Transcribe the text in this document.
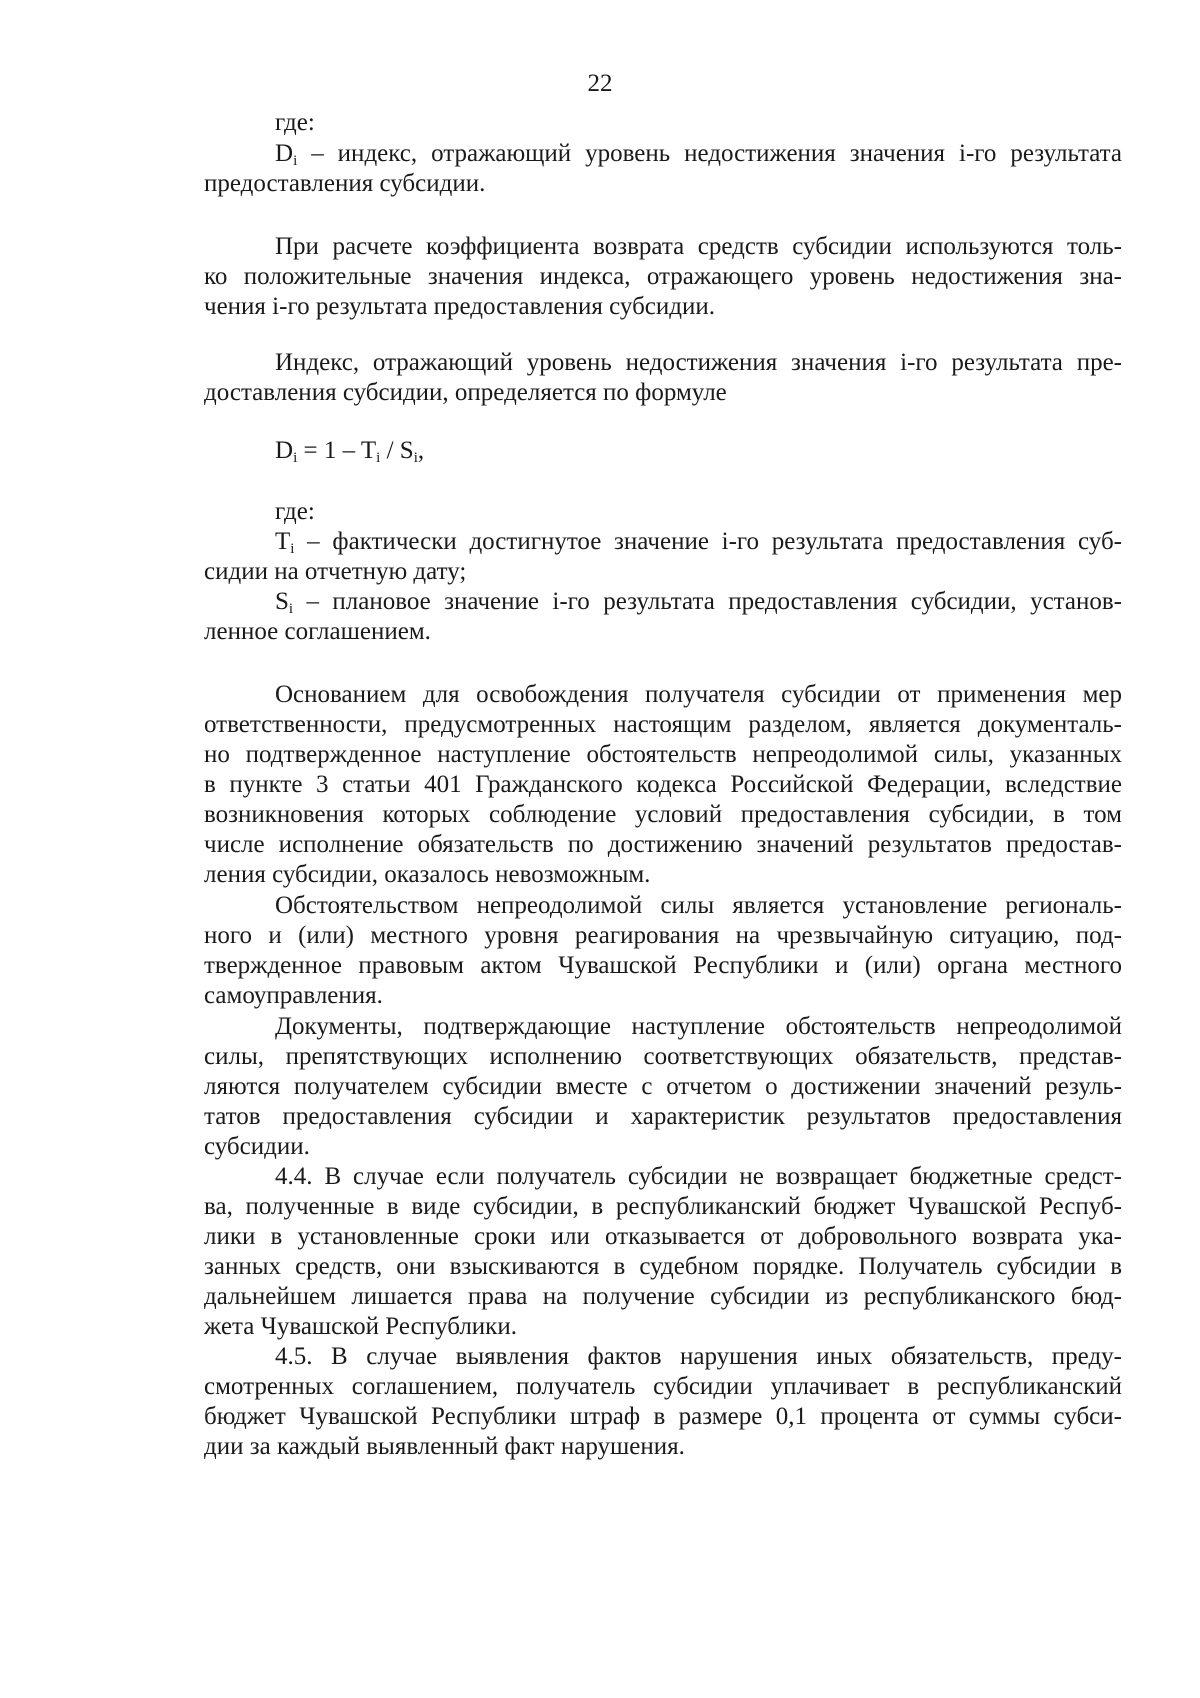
22
где:
$D_i$ – индекс, отражающий уровень недостижения значения i-го результата
предоставления субсидии.
При расчете коэффициента возврата средств субсидии используются толь-
ко положительные значения индекса, отражающего уровень недостижения зна-
чения i-го результата предоставления субсидии.
Индекс, отражающий уровень недостижения значения i-го результата пре-
доставления субсидии, определяется по формуле
$D_i = 1 - T_i / S_i$,
где:
$T_i$ – фактически достигнутое значение i-го результата предоставления суб-
сидии на отчетную дату;
$S_i$ – плановое значение i-го результата предоставления субсидии, установ-
ленное соглашением.
Основанием для освобождения получателя субсидии от применения мер
ответственности, предусмотренных настоящим разделом, является документаль-
но подтвержденное наступление обстоятельств непреодолимой силы, указанных
в пункте 3 статьи 401 Гражданского кодекса Российской Федерации, вследствие
возникновения которых соблюдение условий предоставления субсидии, в том
числе исполнение обязательств по достижению значений результатов предостав-
ления субсидии, оказалось невозможным.
Обстоятельством непреодолимой силы является установление региональ-
ного и (или) местного уровня реагирования на чрезвычайную ситуацию, под-
твержденное правовым актом Чувашской Республики и (или) органа местного
самоуправления.
Документы, подтверждающие наступление обстоятельств непреодолимой
силы, препятствующих исполнению соответствующих обязательств, представ-
ляются получателем субсидии вместе с отчетом о достижении значений резуль-
татов предоставления субсидии и характеристик результатов предоставления
субсидии.
4.4. В случае если получатель субсидии не возвращает бюджетные средст-
ва, полученные в виде субсидии, в республиканский бюджет Чувашской Респуб-
лики в установленные сроки или отказывается от добровольного возврата ука-
занных средств, они взыскиваются в судебном порядке. Получатель субсидии в
дальнейшем лишается права на получение субсидии из республиканского бюд-
жета Чувашской Республики.
4.5. В случае выявления фактов нарушения иных обязательств, преду-
смотренных соглашением, получатель субсидии уплачивает в республиканский
бюджет Чувашской Республики штраф в размере 0,1 процента от суммы субси-
дии за каждый выявленный факт нарушения.
